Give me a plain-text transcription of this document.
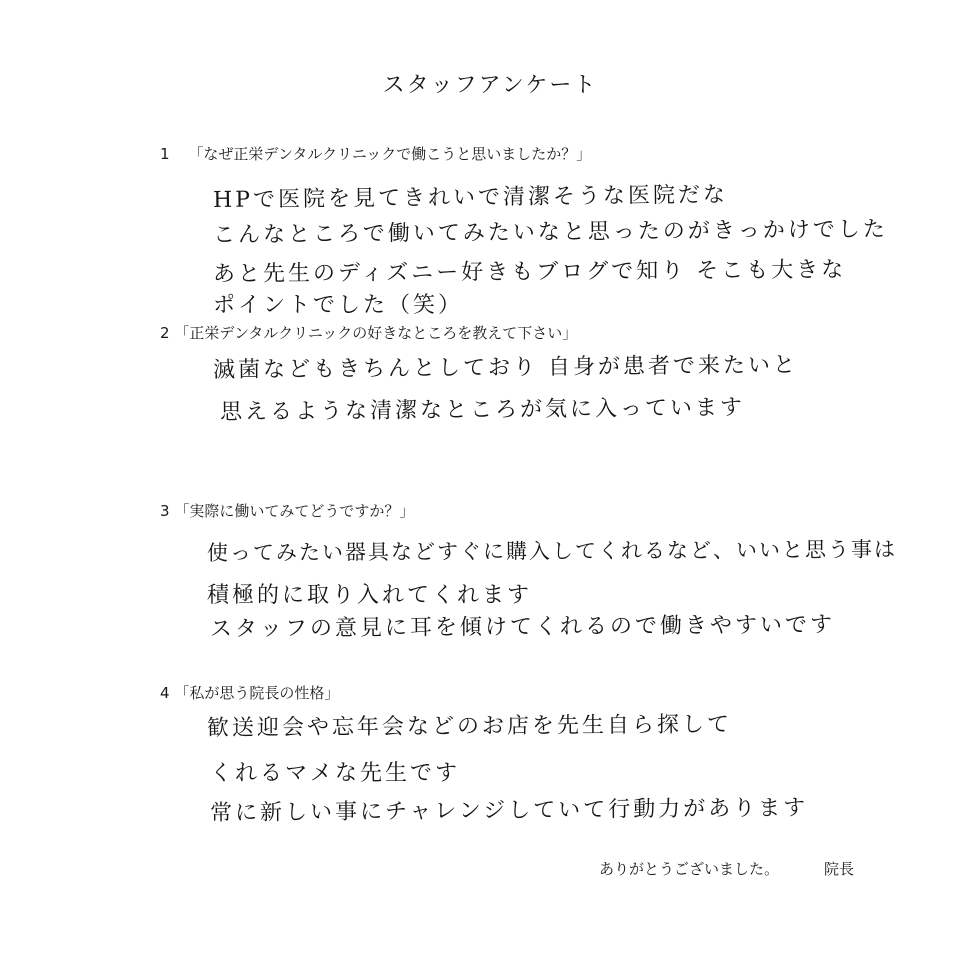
スタッフアンケート
1 「なぜ正栄デンタルクリニックで働こうと思いましたか？」
HPで医院を見てきれいで清潔そうな医院だな
こんなところで働いてみたいなと思ったのがきっかけでした
あと先生のディズニー好きもブログで知り そこも大きな
ポイントでした（笑）
2 「正栄デンタルクリニックの好きなところを教えて下さい」
滅菌などもきちんとしており 自身が患者で来たいと
思えるような清潔なところが気に入っています
3 「実際に働いてみてどうですか？」
使ってみたい器具などすぐに購入してくれるなど、いいと思う事は
積極的に取り入れてくれます
スタッフの意見に耳を傾けてくれるので働きやすいです
4 「私が思う院長の性格」
歓送迎会や忘年会などのお店を先生自ら探して
くれるマメな先生です
常に新しい事にチャレンジしていて行動力があります
ありがとうございました。	院長
